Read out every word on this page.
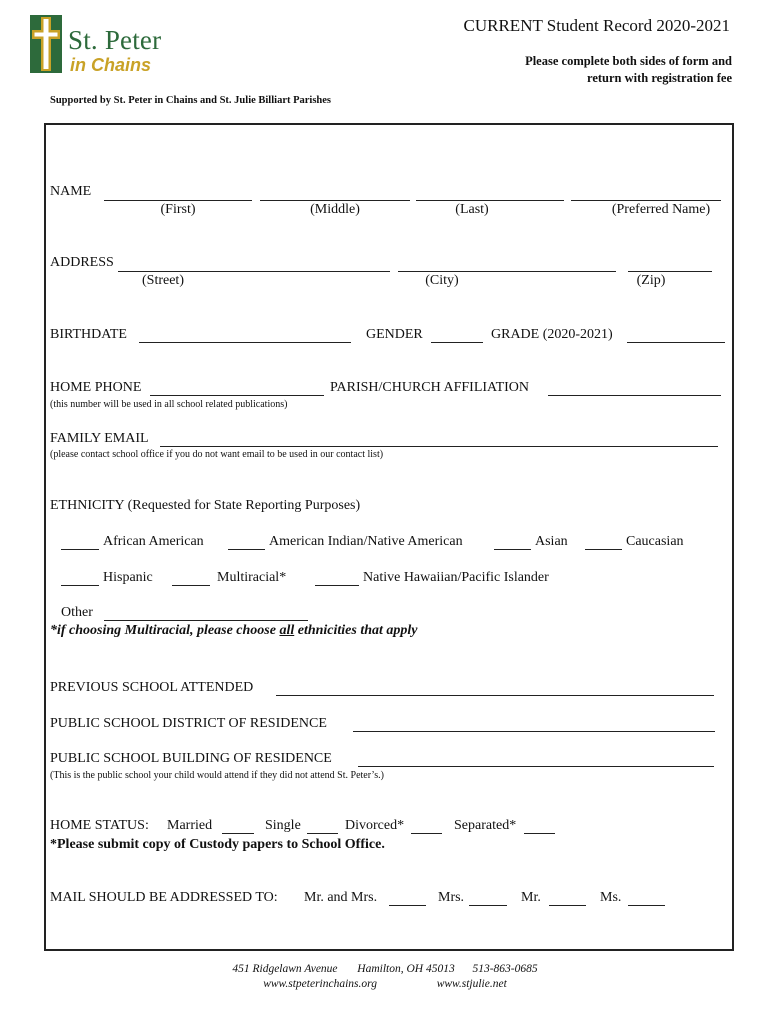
St. Peter
in Chains
CURRENT Student Record 2020-2021
Please complete both sides of form and
return with registration fee
Supported by St. Peter in Chains and St. Julie Billiart Parishes
NAME
(First)	(Middle)	(Last)	(Preferred Name)
ADDRESS
(Street)	(City)	(Zip)
BIRTHDATE	GENDER	GRADE (2020-2021)
HOME PHONE	PARISH/CHURCH AFFILIATION
(this number will be used in all school related publications)
FAMILY EMAIL
(please contact school office if you do not want email to be used in our contact list)
ETHNICITY (Requested for State Reporting Purposes)
African American	American Indian/Native American	Asian	Caucasian
Hispanic	Multiracial*	Native Hawaiian/Pacific Islander
Other
*if choosing Multiracial, please choose all ethnicities that apply
PREVIOUS SCHOOL ATTENDED
PUBLIC SCHOOL DISTRICT OF RESIDENCE
PUBLIC SCHOOL BUILDING OF RESIDENCE
(This is the public school your child would attend if they did not attend St. Peter’s.)
HOME STATUS: Married	Single	Divorced*	Separated*
*Please submit copy of Custody papers to School Office.
MAIL SHOULD BE ADDRESSED TO: Mr. and Mrs.	Mrs.	Mr.	Ms.
451 Ridgelawn Avenue Hamilton, OH 45013 513-863-0685
www.stpeterinchains.org	www.stjulie.net
